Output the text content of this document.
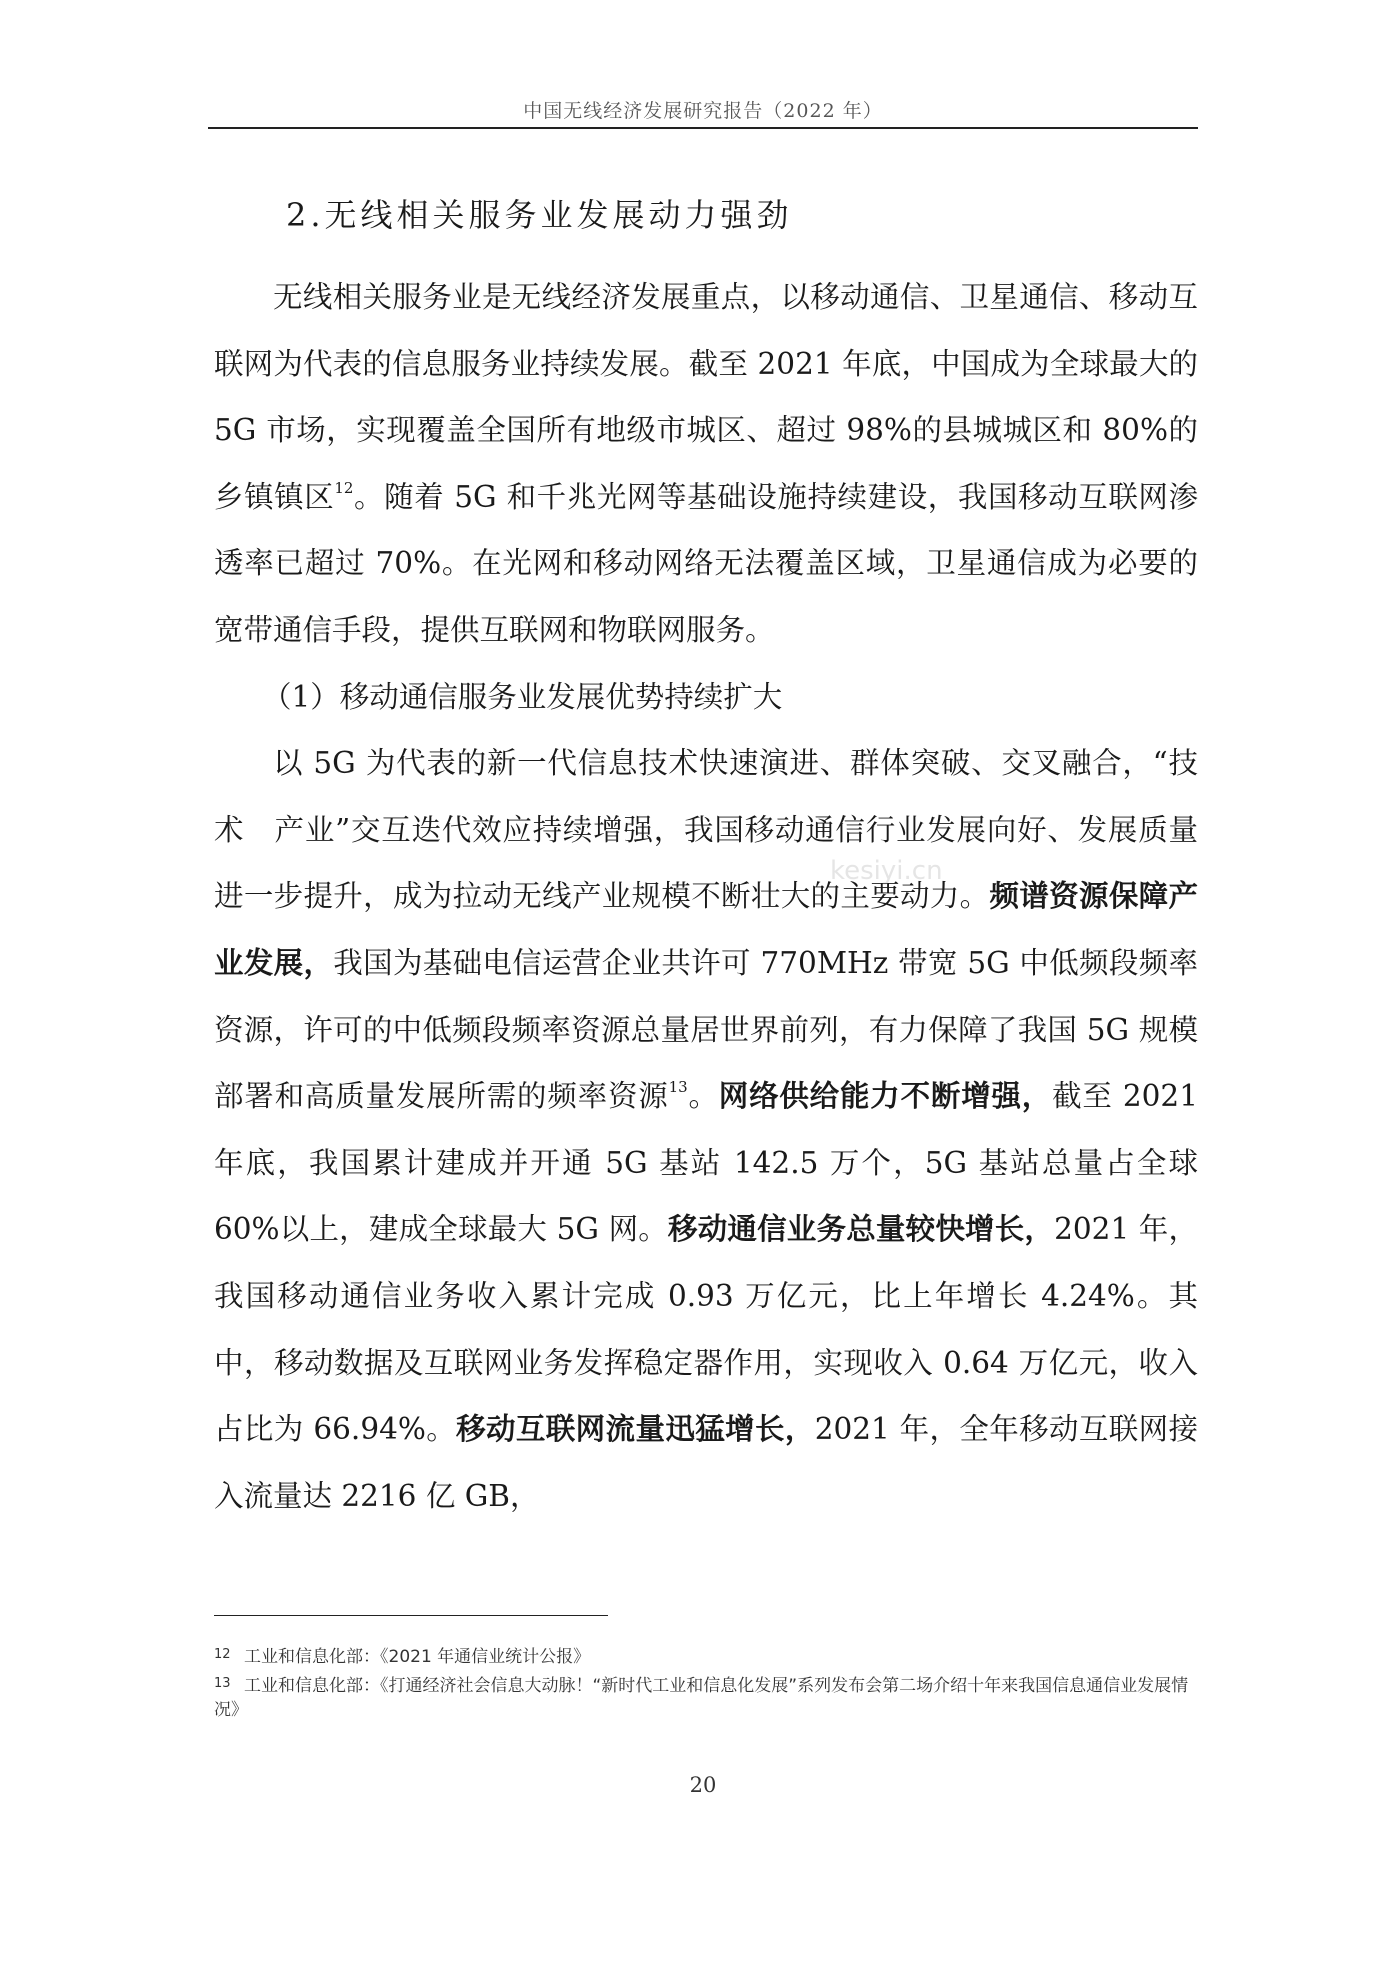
中国无线经济发展研究报告（2022 年）
2.无线相关服务业发展动力强劲

无线相关服务业是无线经济发展重点，以移动通信、卫星通信、移动互联网为代表的信息服务业持续发展。截至 2021 年底，中国成为全球最大的 5G 市场，实现覆盖全国所有地级市城区、超过 98%的县城城区和 80%的乡镇镇区$^{12}$。随着 5G 和千兆光网等基础设施持续建设，我国移动互联网渗透率已超过 70%。在光网和移动网络无法覆盖区域，卫星通信成为必要的宽带通信手段，提供互联网和物联网服务。

（1）移动通信服务业发展优势持续扩大

以 5G 为代表的新一代信息技术快速演进、群体突破、交叉融合，“技术　产业”交互迭代效应持续增强，我国移动通信行业发展向好、发展质量进一步提升，成为拉动无线产业规模不断壮大的主要动力。频谱资源保障产业发展，我国为基础电信运营企业共许可 770MHz 带宽 5G 中低频段频率资源，许可的中低频段频率资源总量居世界前列，有力保障了我国 5G 规模部署和高质量发展所需的频率资源$^{13}$。网络供给能力不断增强，截至 2021 年底，我国累计建成并开通 5G 基站 142.5 万个，5G 基站总量占全球 60%以上，建成全球最大 5G 网。移动通信业务总量较快增长，2021 年，我国移动通信业务收入累计完成 0.93 万亿元，比上年增长 4.24%。其中，移动数据及互联网业务发挥稳定器作用，实现收入 0.64 万亿元，收入占比为 66.94%。移动互联网流量迅猛增长，2021 年，全年移动互联网接入流量达 2216 亿 GB，

kesiyi.cn

12 工业和信息化部：《2021 年通信业统计公报》

13 工业和信息化部：《打通经济社会信息大动脉！“新时代工业和信息化发展”系列发布会第二场介绍十年来我国信息通信业发展情况》

20
